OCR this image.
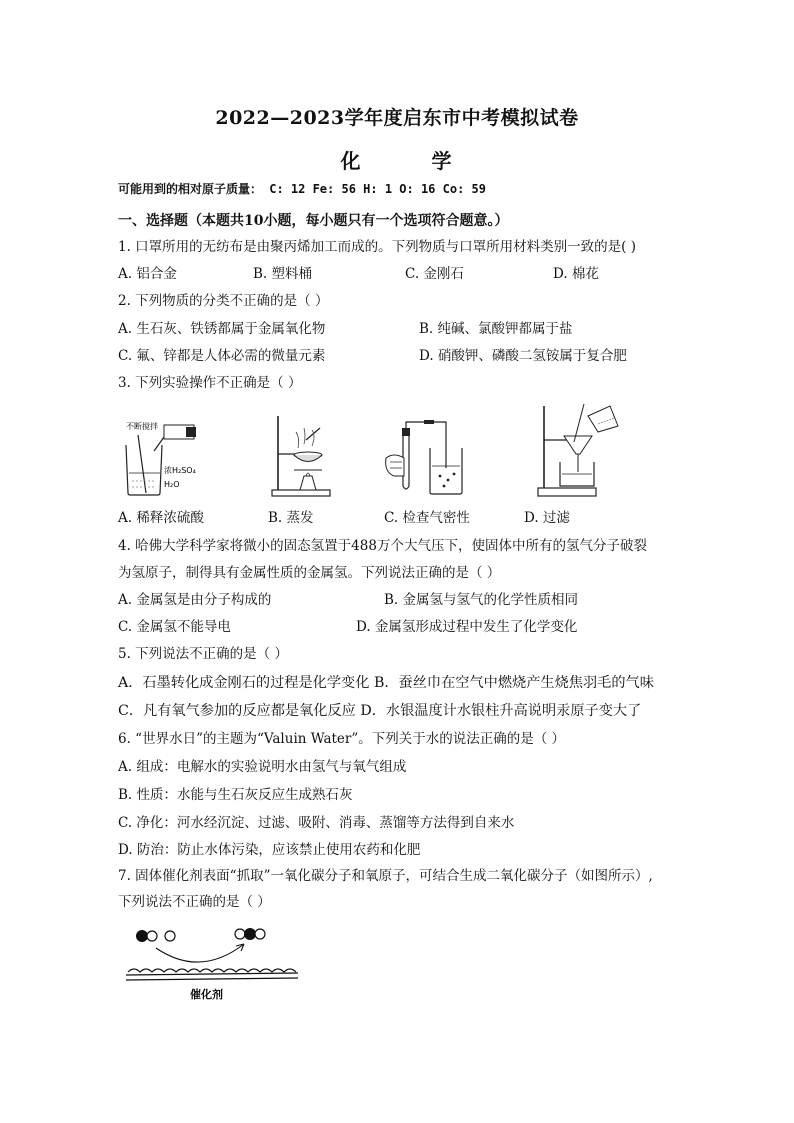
2022—2023学年度启东市中考模拟试卷
化 学
可能用到的相对原子质量： C: 12 Fe: 56 H: 1 O: 16 Co: 59
一、选择题（本题共10小题，每小题只有一个选项符合题意。）
1. 口罩所用的无纺布是由聚丙烯加工而成的。下列物质与口罩所用材料类别一致的是( )
A. 铝合金	B. 塑料桶	C. 金刚石	D. 棉花
2. 下列物质的分类不正确的是（ ）
A. 生石灰、铁锈都属于金属氧化物	B. 纯碱、氯酸钾都属于盐
C. 氟、锌都是人体必需的微量元素	D. 硝酸钾、磷酸二氢铵属于复合肥
3. 下列实验操作不正确是（ ）
不断搅拌
浓H₂SO₄
H₂O
A. 稀释浓硫酸	B. 蒸发	C. 检查气密性	D. 过滤
4. 哈佛大学科学家将微小的固态氢置于488万个大气压下，使固体中所有的氢气分子破裂
为氢原子，制得具有金属性质的金属氢。下列说法正确的是（ ）
A. 金属氢是由分子构成的	B. 金属氢与氢气的化学性质相同
C. 金属氢不能导电	D. 金属氢形成过程中发生了化学变化
5. 下列说法不正确的是（ ）
A．石墨转化成金刚石的过程是化学变化 B．蚕丝巾在空气中燃烧产生烧焦羽毛的气味
C．凡有氧气参加的反应都是氧化反应 D．水银温度计水银柱升高说明汞原子变大了
6. “世界水日”的主题为“Valuin Water”。下列关于水的说法正确的是（ ）
A. 组成：电解水的实验说明水由氢气与氧气组成
B. 性质：水能与生石灰反应生成熟石灰
C. 净化：河水经沉淀、过滤、吸附、消毒、蒸馏等方法得到自来水
D. 防治：防止水体污染，应该禁止使用农药和化肥
7. 固体催化剂表面“抓取”一氧化碳分子和氧原子，可结合生成二氧化碳分子（如图所示）,
下列说法不正确的是（ ）
催化剂
